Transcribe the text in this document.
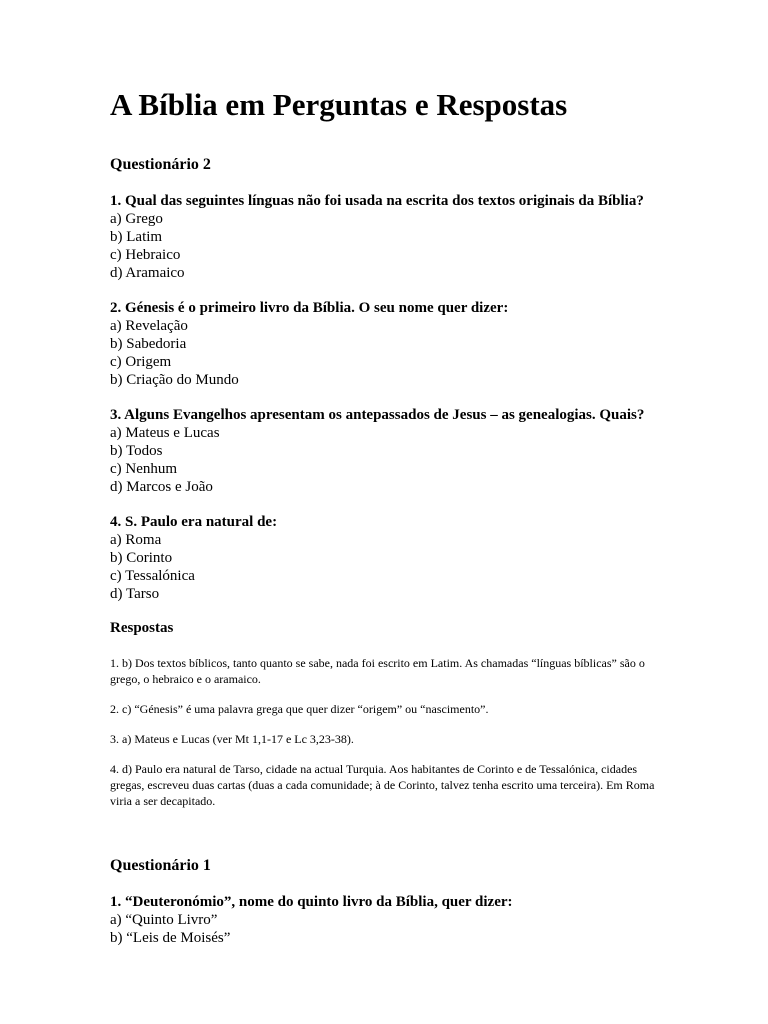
A Bíblia em Perguntas e Respostas
Questionário 2

1. Qual das seguintes línguas não foi usada na escrita dos textos originais da Bíblia?

a) Grego
b) Latim
c) Hebraico
d) Aramaico

2. Génesis é o primeiro livro da Bíblia. O seu nome quer dizer:

a) Revelação
b) Sabedoria
c) Origem
b) Criação do Mundo

3. Alguns Evangelhos apresentam os antepassados de Jesus – as genealogias. Quais?

a) Mateus e Lucas
b) Todos
c) Nenhum
d) Marcos e João

4. S. Paulo era natural de:

a) Roma
b) Corinto
c) Tessalónica
d) Tarso

Respostas

1. b) Dos textos bíblicos, tanto quanto se sabe, nada foi escrito em Latim. As chamadas “línguas bíblicas” são o grego, o hebraico e o aramaico.

2. c) “Génesis” é uma palavra grega que quer dizer “origem” ou “nascimento”.

3. a) Mateus e Lucas (ver Mt 1,1-17 e Lc 3,23-38).

4. d) Paulo era natural de Tarso, cidade na actual Turquia. Aos habitantes de Corinto e de Tessalónica, cidades gregas, escreveu duas cartas (duas a cada comunidade; à de Corinto, talvez tenha escrito uma terceira). Em Roma viria a ser decapitado.

Questionário 1

1. “Deuteronómio”, nome do quinto livro da Bíblia, quer dizer:

a) “Quinto Livro”
b) “Leis de Moisés”
